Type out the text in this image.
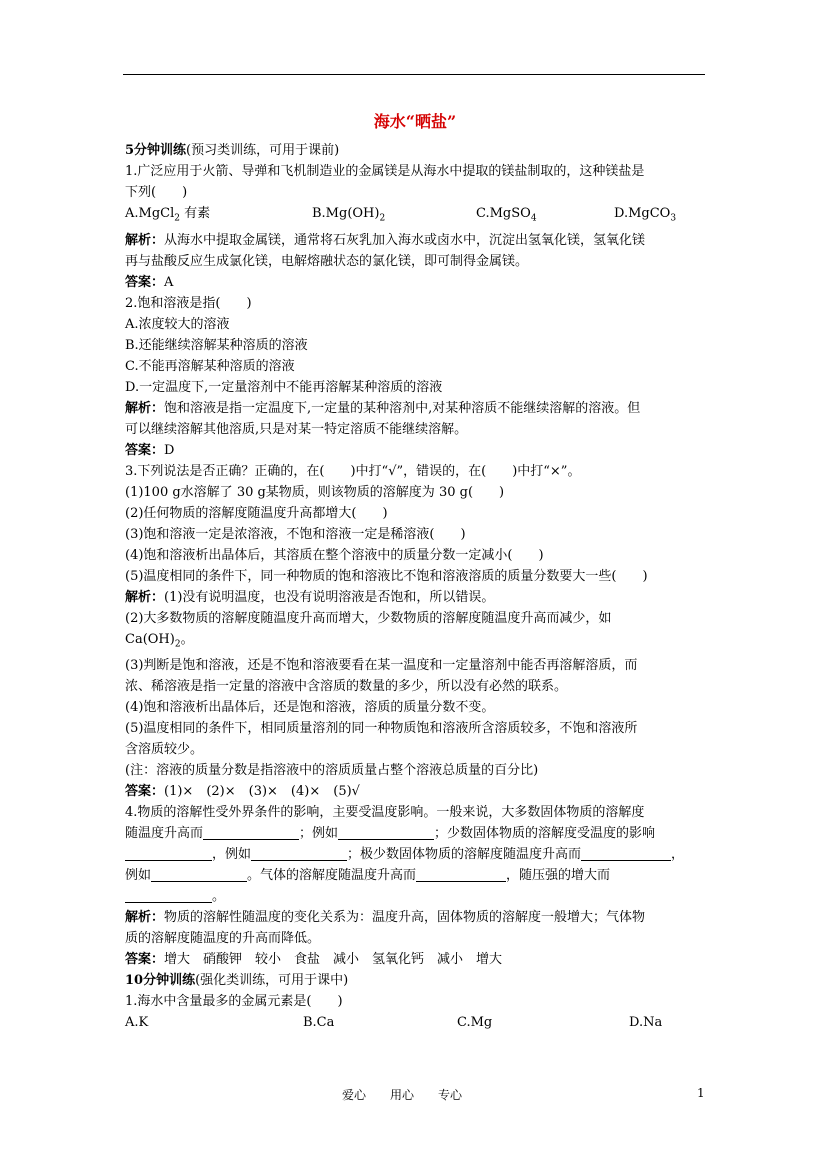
海水“晒盐”

5分钟训练(预习类训练，可用于课前)

1.广泛应用于火箭、导弹和飞机制造业的金属镁是从海水中提取的镁盐制取的，这种镁盐是

下列(　　)

A.MgCl$_2$ 有素	$B.Mg(OH)_2$	C.MgSO$_4$	D.MgCO$_3$

解析：从海水中提取金属镁，通常将石灰乳加入海水或卤水中，沉淀出氢氧化镁，氢氧化镁

再与盐酸反应生成氯化镁，电解熔融状态的氯化镁，即可制得金属镁。

答案：A

2.饱和溶液是指(　　)

A.浓度较大的溶液

B.还能继续溶解某种溶质的溶液

C.不能再溶解某种溶质的溶液

D.一定温度下,一定量溶剂中不能再溶解某种溶质的溶液

解析：饱和溶液是指一定温度下,一定量的某种溶剂中,对某种溶质不能继续溶解的溶液。但

可以继续溶解其他溶质,只是对某一特定溶质不能继续溶解。

答案：D

3.下列说法是否正确？正确的，在(　　)中打“√”，错误的，在(　　)中打“×”。

(1)100 g水溶解了 30 g某物质，则该物质的溶解度为 30 g(　　)

(2)任何物质的溶解度随温度升高都增大(　　)

(3)饱和溶液一定是浓溶液，不饱和溶液一定是稀溶液(　　)

(4)饱和溶液析出晶体后，其溶质在整个溶液中的质量分数一定减小(　　)

(5)温度相同的条件下，同一种物质的饱和溶液比不饱和溶液溶质的质量分数要大一些(　　)

解析：(1)没有说明温度，也没有说明溶液是否饱和，所以错误。

(2)大多数物质的溶解度随温度升高而增大，少数物质的溶解度随温度升高而减少，如

$Ca(OH)_2$。

(3)判断是饱和溶液，还是不饱和溶液要看在某一温度和一定量溶剂中能否再溶解溶质，而

浓、稀溶液是指一定量的溶液中含溶质的数量的多少，所以没有必然的联系。

(4)饱和溶液析出晶体后，还是饱和溶液，溶质的质量分数不变。

(5)温度相同的条件下，相同质量溶剂的同一种物质饱和溶液所含溶质较多，不饱和溶液所

含溶质较少。

(注：溶液的质量分数是指溶液中的溶质质量占整个溶液总质量的百分比)

答案：(1)×　(2)×　(3)×　(4)×　(5)√

4.物质的溶解性受外界条件的影响，主要受温度影响。一般来说，大多数固体物质的溶解度

随温度升高而	；例如	；少数固体物质的溶解度受温度的影响

，例如	；极少数固体物质的溶解度随温度升高而	，

例如	。气体的溶解度随温度升高而	，随压强的增大而

。

解析：物质的溶解性随温度的变化关系为：温度升高，固体物质的溶解度一般增大；气体物

质的溶解度随温度的升高而降低。

答案：增大　硝酸钾　较小　食盐　减小　氢氧化钙　减小　增大

10分钟训练(强化类训练，可用于课中)

1.海水中含量最多的金属元素是(　　)

A.K	B.Ca	C.Mg	D.Na

爱心　　用心　　专心	1
